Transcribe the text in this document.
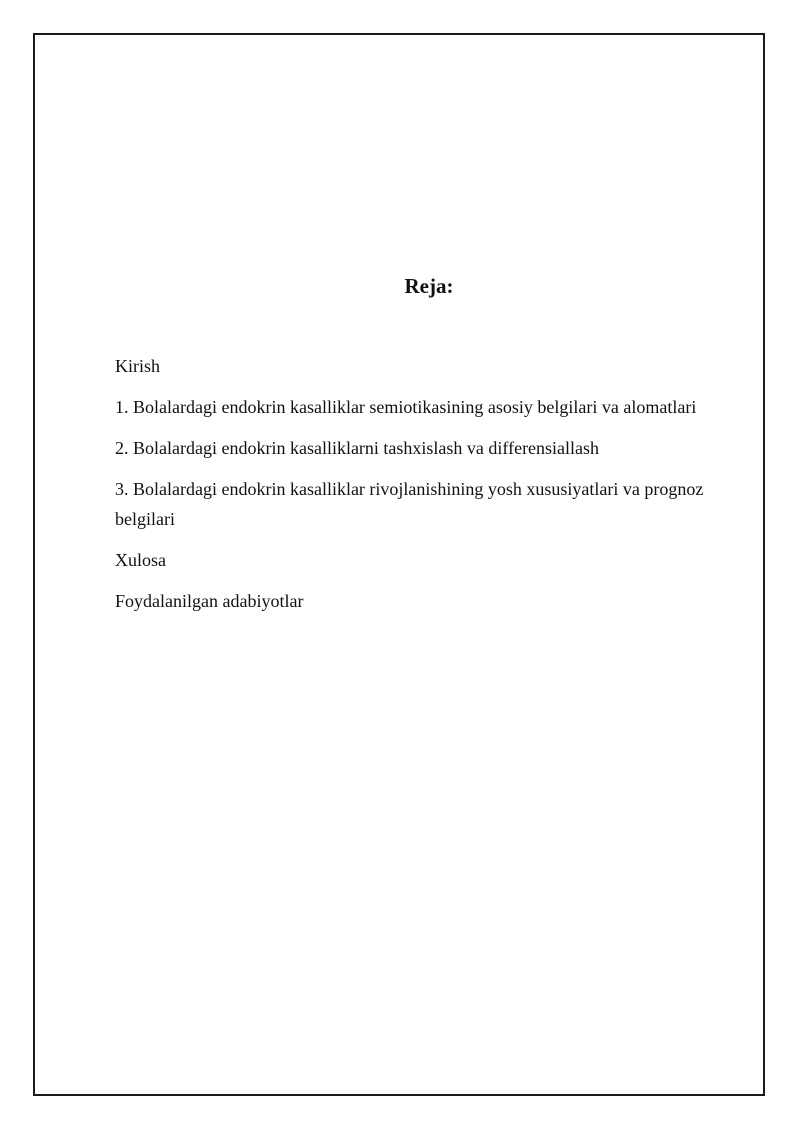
Reja:
Kirish
1. Bolalardagi endokrin kasalliklar semiotikasining asosiy belgilari va alomatlari
2. Bolalardagi endokrin kasalliklarni tashxislash va differensiallash
3. Bolalardagi endokrin kasalliklar rivojlanishining yosh xususiyatlari va prognoz belgilari
Xulosa
Foydalanilgan adabiyotlar
